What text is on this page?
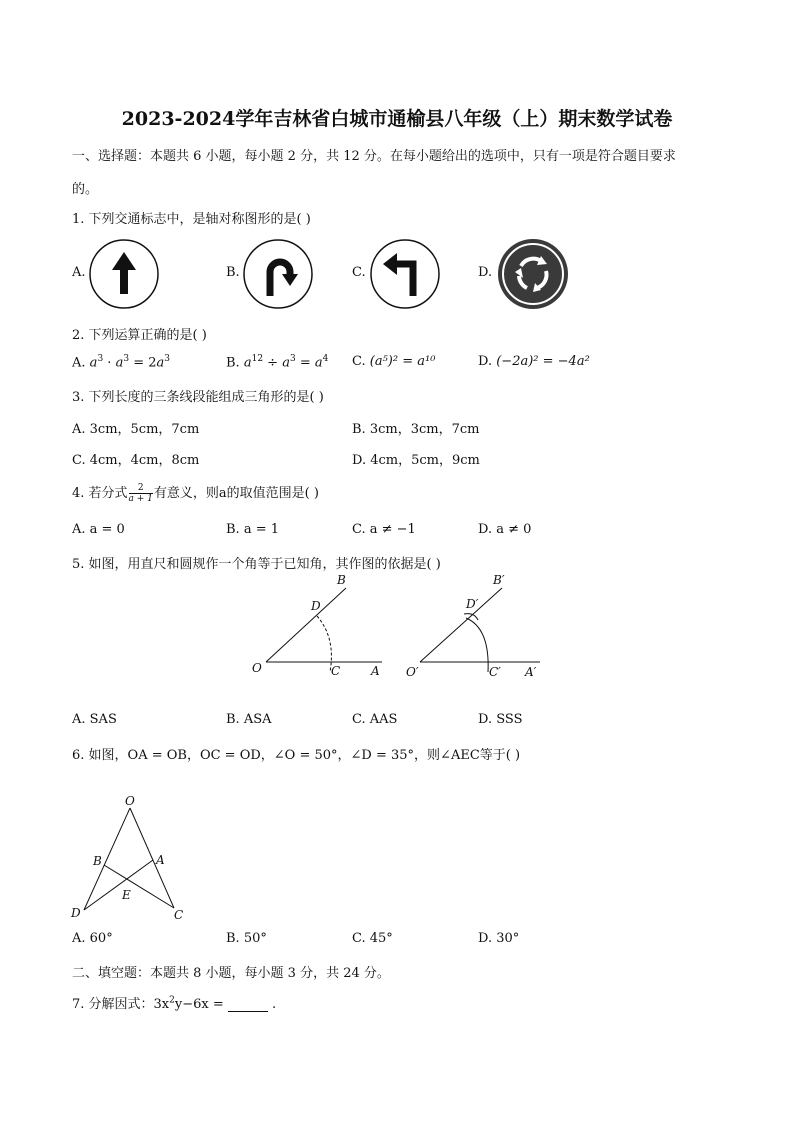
2023-2024学年吉林省白城市通榆县八年级（上）期末数学试卷
一、选择题：本题共 6 小题，每小题 2 分，共 12 分。在每小题给出的选项中，只有一项是符合题目要求
的。
1. 下列交通标志中，是轴对称图形的是( )
A.	B.	C.	D.
2. 下列运算正确的是( )
A. $a^3 \cdot a^3 = 2a^3$	B. $a^{12} \div a^3 = a^4$ C. (a⁵)² = a¹⁰	D. (−2a)² = −4a²
3. 下列长度的三条线段能组成三角形的是( )
A. 3cm，5cm，7cm	B. 3cm，3cm，7cm
C. 4cm，4cm，8cm	D. 4cm，5cm，9cm
4. 若分式 $\frac{2}{a + 1}$ 有意义，则a的取值范围是( )
A. a = 0	B. a = 1	C. a ≠ −1	D. a ≠ 0
5. 如图，用直尺和圆规作一个角等于已知角，其作图的依据是( )
B
D
O	C	A
B′
D′
O′	C′ A′
A. SAS	B. ASA	C. AAS	D. SSS
6. 如图，OA = OB，OC = OD，∠O = 50°，∠D = 35°，则∠AEC等于( )
O
B	A
E
D	C
A. 60°	B. 50°	C. 45°	D. 30°
二、填空题：本题共 8 小题，每小题 3 分，共 24 分。
7. 分解因式：$3x^2y-6x$ =	.
